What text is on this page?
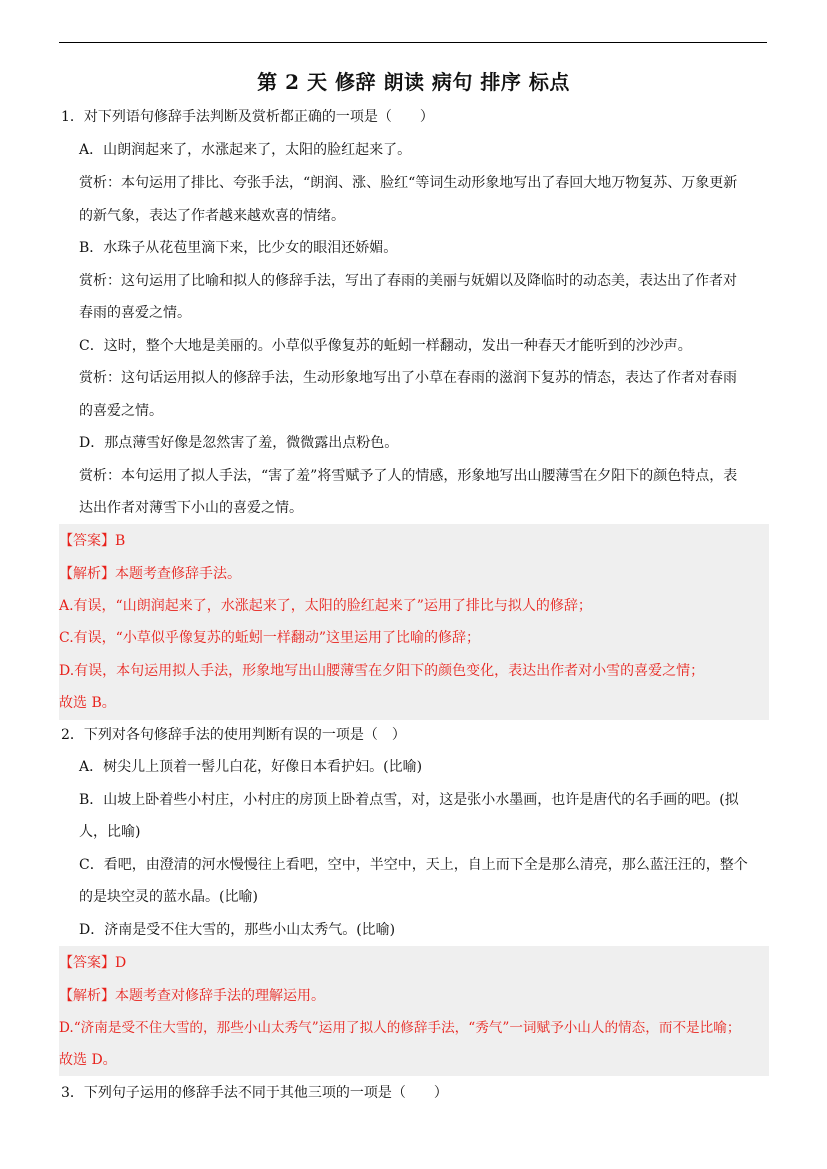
第 2 天 修辞 朗读 病句 排序 标点
1．对下列语句修辞手法判断及赏析都正确的一项是（　　）
A．山朗润起来了，水涨起来了，太阳的脸红起来了。
赏析：本句运用了排比、夸张手法，“朗润、涨、脸红“等词生动形象地写出了春回大地万物复苏、万象更新
的新气象，表达了作者越来越欢喜的情绪。
B．水珠子从花苞里滴下来，比少女的眼泪还娇媚。
赏析：这句运用了比喻和拟人的修辞手法，写出了春雨的美丽与妩媚以及降临时的动态美，表达出了作者对
春雨的喜爱之情。
C．这时，整个大地是美丽的。小草似乎像复苏的蚯蚓一样翻动，发出一种春天才能听到的沙沙声。
赏析：这句话运用拟人的修辞手法，生动形象地写出了小草在春雨的滋润下复苏的情态，表达了作者对春雨
的喜爱之情。
D．那点薄雪好像是忽然害了羞，微微露出点粉色。
赏析：本句运用了拟人手法，“害了羞”将雪赋予了人的情感，形象地写出山腰薄雪在夕阳下的颜色特点，表
达出作者对薄雪下小山的喜爱之情。
【答案】B
【解析】本题考查修辞手法。
A.有误，“山朗润起来了，水涨起来了，太阳的脸红起来了”运用了排比与拟人的修辞；
C.有误，“小草似乎像复苏的蚯蚓一样翻动”这里运用了比喻的修辞；
D.有误，本句运用拟人手法，形象地写出山腰薄雪在夕阳下的颜色变化，表达出作者对小雪的喜爱之情；
故选 B。
2．下列对各句修辞手法的使用判断有误的一项是（　）
A．树尖儿上顶着一髻儿白花，好像日本看护妇。(比喻)
B．山坡上卧着些小村庄，小村庄的房顶上卧着点雪，对，这是张小水墨画，也许是唐代的名手画的吧。(拟
人，比喻)
C．看吧，由澄清的河水慢慢往上看吧，空中，半空中，天上，自上而下全是那么清亮，那么蓝汪汪的，整个
的是块空灵的蓝水晶。(比喻)
D．济南是受不住大雪的，那些小山太秀气。(比喻)
【答案】D
【解析】本题考查对修辞手法的理解运用。
D.“济南是受不住大雪的，那些小山太秀气”运用了拟人的修辞手法，“秀气”一词赋予小山人的情态，而不是比喻；
故选 D。
3．下列句子运用的修辞手法不同于其他三项的一项是（　　）
